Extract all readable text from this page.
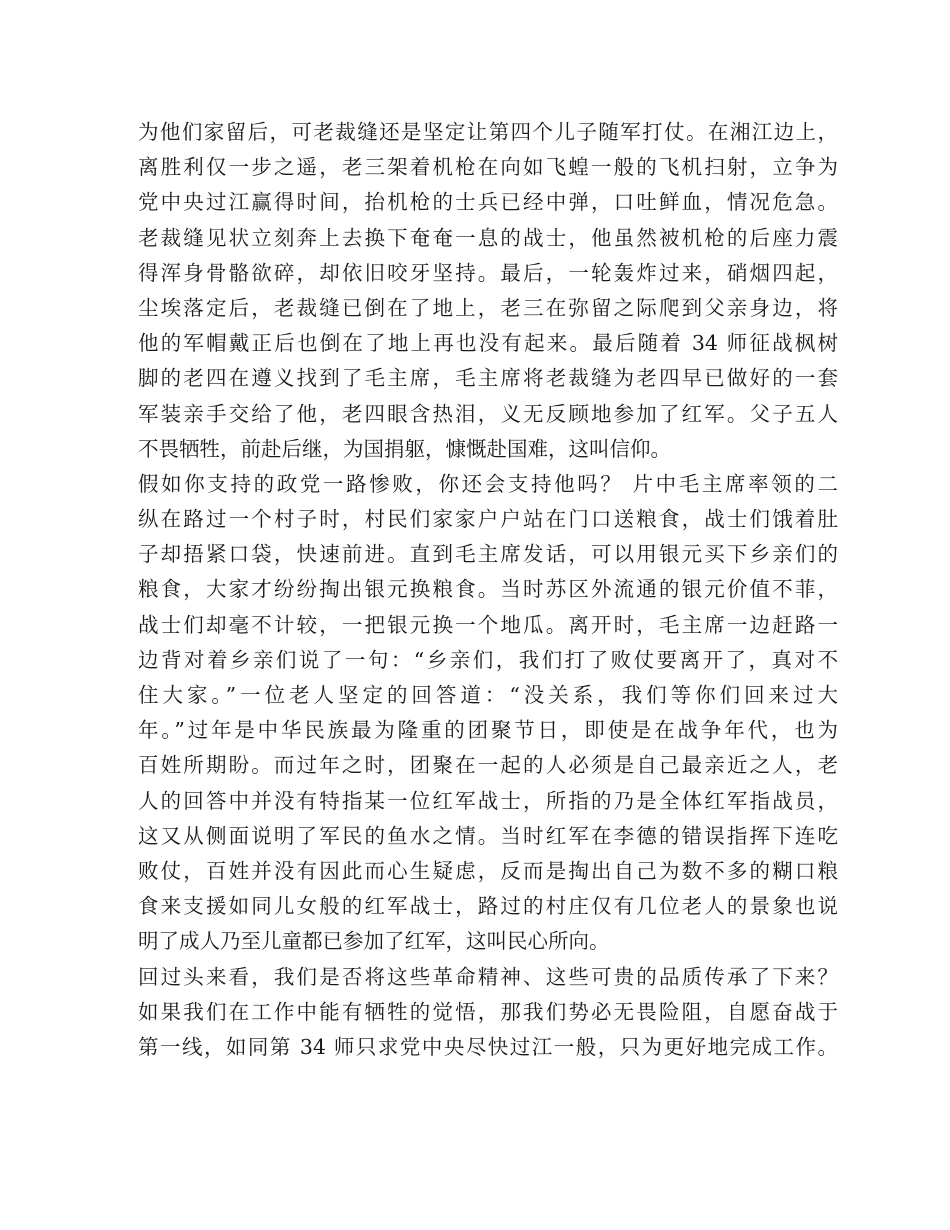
为他们家留后，可老裁缝还是坚定让第四个儿子随军打仗。在湘江边上，
离胜利仅一步之遥，老三架着机枪在向如飞蝗一般的飞机扫射，立争为
党中央过江赢得时间，抬机枪的士兵已经中弹，口吐鲜血，情况危急。
老裁缝见状立刻奔上去换下奄奄一息的战士，他虽然被机枪的后座力震
得浑身骨骼欲碎，却依旧咬牙坚持。最后，一轮轰炸过来，硝烟四起，
尘埃落定后，老裁缝已倒在了地上，老三在弥留之际爬到父亲身边，将
他的军帽戴正后也倒在了地上再也没有起来。最后随着 34 师征战枫树
脚的老四在遵义找到了毛主席，毛主席将老裁缝为老四早已做好的一套
军装亲手交给了他，老四眼含热泪，义无反顾地参加了红军。父子五人
不畏牺牲，前赴后继，为国捐躯，慷慨赴国难，这叫信仰。
假如你支持的政党一路惨败，你还会支持他吗？ 片中毛主席率领的二
纵在路过一个村子时，村民们家家户户站在门口送粮食，战士们饿着肚
子却捂紧口袋，快速前进。直到毛主席发话，可以用银元买下乡亲们的
粮食，大家才纷纷掏出银元换粮食。当时苏区外流通的银元价值不菲，
战士们却毫不计较，一把银元换一个地瓜。离开时，毛主席一边赶路一
边背对着乡亲们说了一句：“乡亲们，我们打了败仗要离开了，真对不
住大家。”一位老人坚定的回答道：“没关系，我们等你们回来过大
年。”过年是中华民族最为隆重的团聚节日，即使是在战争年代，也为
百姓所期盼。而过年之时，团聚在一起的人必须是自己最亲近之人，老
人的回答中并没有特指某一位红军战士，所指的乃是全体红军指战员，
这又从侧面说明了军民的鱼水之情。当时红军在李德的错误指挥下连吃
败仗，百姓并没有因此而心生疑虑，反而是掏出自己为数不多的糊口粮
食来支援如同儿女般的红军战士，路过的村庄仅有几位老人的景象也说
明了成人乃至儿童都已参加了红军，这叫民心所向。
回过头来看，我们是否将这些革命精神、这些可贵的品质传承了下来？
如果我们在工作中能有牺牲的觉悟，那我们势必无畏险阻，自愿奋战于
第一线，如同第 34 师只求党中央尽快过江一般，只为更好地完成工作。
